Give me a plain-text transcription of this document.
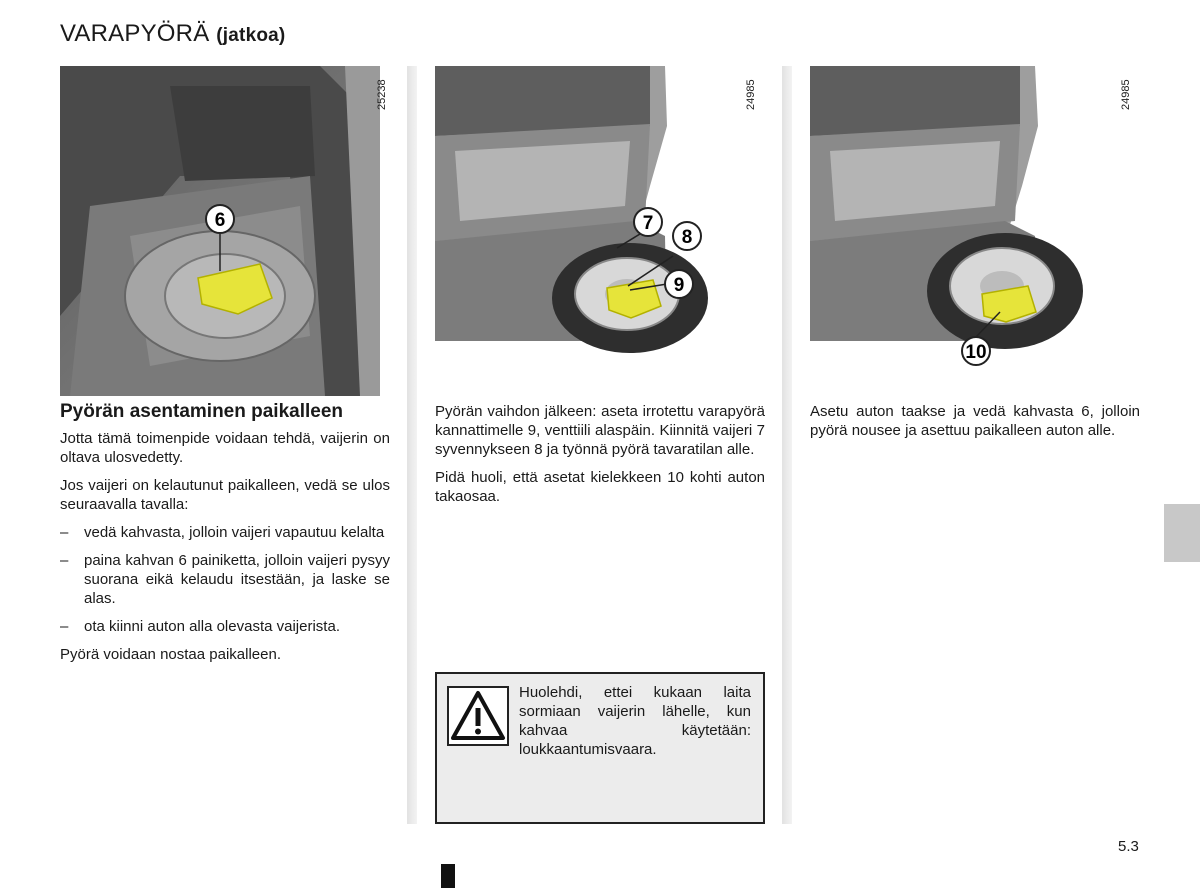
VARAPYÖRÄ (jatkoa)
6
25238
7
8
9
24985
10
24985
Pyörän asentaminen paikalleen

Jotta tämä toimenpide voidaan tehdä, vaijerin on oltava ulosvedetty.

Jos vaijeri on kelautunut paikalleen, vedä se ulos seuraavalla tavalla:

–	vedä kahvasta, jolloin vaijeri vapautuu kelalta
–	paina kahvan 6 painiketta, jolloin vaijeri pysyy suorana eikä kelaudu itsestään, ja laske se alas.
–	ota kiinni auton alla olevasta vaijerista.

Pyörä voidaan nostaa paikalleen.

Pyörän vaihdon jälkeen: aseta irrotettu varapyörä kannattimelle 9, venttiili alaspäin. Kiinnitä vaijeri 7 syvennykseen 8 ja työnnä pyörä tavaratilan alle.

Pidä huoli, että asetat kielekkeen 10 kohti auton takaosaa.

Asetu auton taakse ja vedä kahvasta 6, jolloin pyörä nousee ja asettuu paikalleen auton alle.

Huolehdi, ettei kukaan laita sormiaan vaijerin lähelle, kun kahvaa käytetään: loukkaantumisvaara.
5.3
